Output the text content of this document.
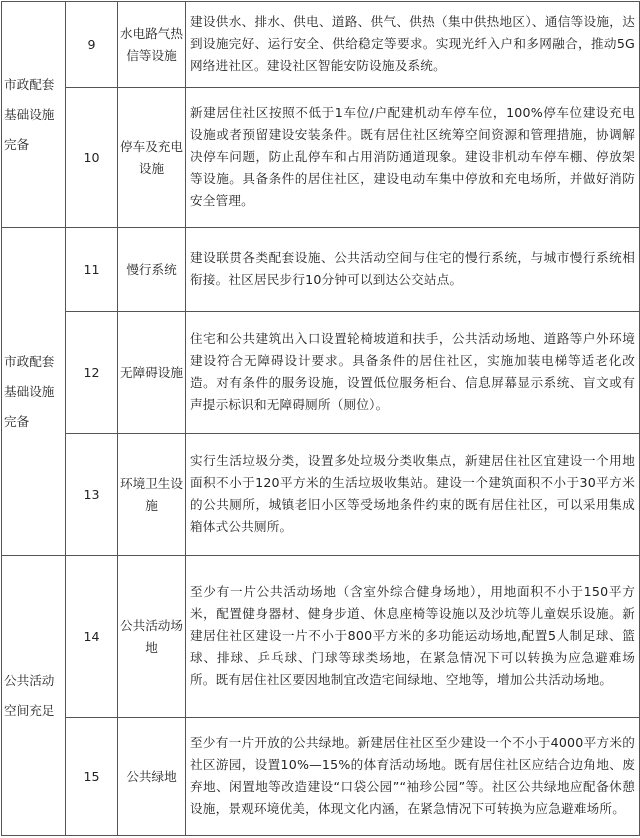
市政配套
基础设施
完备	9	水电路气热信等设施	建设供水、排水、供电、道路、供气、供热（集中供热地区）、通信等设施，达到设施完好、运行安全、供给稳定等要求。实现光纤入户和多网融合，推动5G网络进社区。建设社区智能安防设施及系统。
	10	停车及充电设施	新建居住社区按照不低于1车位/户配建机动车停车位，100%停车位建设充电设施或者预留建设安装条件。既有居住社区统筹空间资源和管理措施，协调解决停车问题，防止乱停车和占用消防通道现象。建设非机动车停车棚、停放架等设施。具备条件的居住社区，建设电动车集中停放和充电场所，并做好消防安全管理。

市政配套
基础设施
完备	11	慢行系统	建设联贯各类配套设施、公共活动空间与住宅的慢行系统，与城市慢行系统相衔接。社区居民步行10分钟可以到达公交站点。
	12	无障碍设施	住宅和公共建筑出入口设置轮椅坡道和扶手，公共活动场地、道路等户外环境建设符合无障碍设计要求。具备条件的居住社区，实施加装电梯等适老化改造。对有条件的服务设施，设置低位服务柜台、信息屏幕显示系统、盲文或有声提示标识和无障碍厕所（厕位）。
	13	环境卫生设施	实行生活垃圾分类，设置多处垃圾分类收集点，新建居住社区宜建设一个用地面积不小于120平方米的生活垃圾收集站。建设一个建筑面积不小于30平方米的公共厕所，城镇老旧小区等受场地条件约束的既有居住社区，可以采用集成箱体式公共厕所。

公共活动
空间充足	14	公共活动场地	至少有一片公共活动场地（含室外综合健身场地），用地面积不小于150平方米，配置健身器材、健身步道、休息座椅等设施以及沙坑等儿童娱乐设施。新建居住社区建设一片不小于800平方米的多功能运动场地,配置5人制足球、篮球、排球、乒乓球、门球等球类场地，在紧急情况下可以转换为应急避难场所。既有居住社区要因地制宜改造宅间绿地、空地等，增加公共活动场地。
	15	公共绿地	至少有一片开放的公共绿地。新建居住社区至少建设一个不小于4000平方米的社区游园，设置10%—15%的体育活动场地。既有居住社区应结合边角地、废弃地、闲置地等改造建设“口袋公园”“袖珍公园”等。社区公共绿地应配备休憩设施，景观环境优美，体现文化内涵，在紧急情况下可转换为应急避难场所。
